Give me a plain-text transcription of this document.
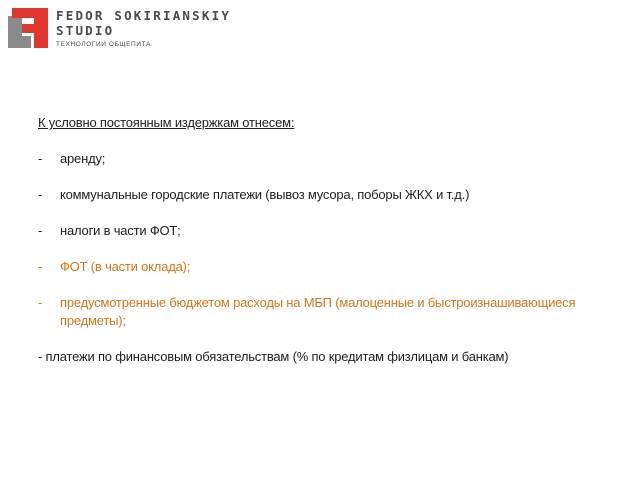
FEDOR SOKIRIANSKIY
STUDIO
ТЕХНОЛОГИИ ОБЩЕПИТА

К условно постоянным издержкам отнесем:

- аренду;
- коммунальные городские платежи (вывоз мусора, поборы ЖКХ и т.д.)
- налоги в части ФОТ;
- ФОТ (в части оклада);
- предусмотренные бюджетом расходы на МБП (малоценные и быстроизнашивающиеся предметы);

- платежи по финансовым обязательствам (% по кредитам физлицам и банкам)
